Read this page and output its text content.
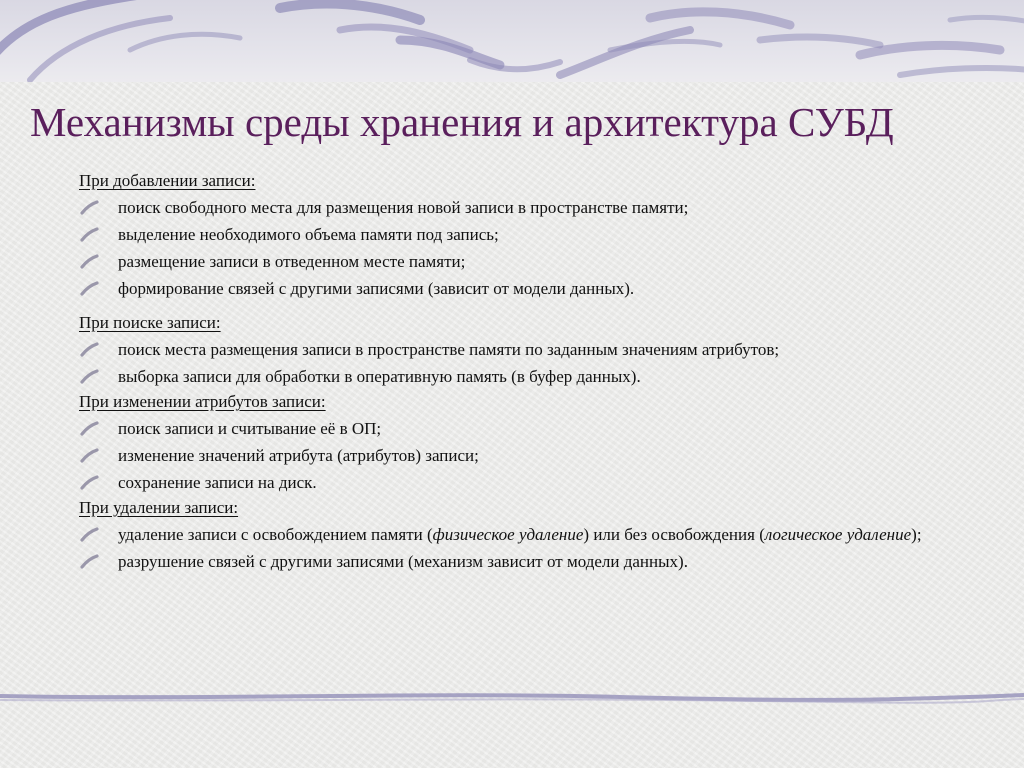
Механизмы среды хранения и архитектура СУБД
При добавлении записи:
поиск свободного места для размещения новой записи в пространстве памяти;
выделение необходимого объема памяти под запись;
размещение записи в отведенном месте памяти;
формирование связей с другими записями (зависит от модели данных).
При поиске записи:
поиск места размещения записи в пространстве памяти по заданным значениям атрибутов;
выборка записи для обработки в оперативную память (в буфер данных).
При изменении атрибутов записи:
поиск записи и считывание её в ОП;
изменение значений атрибута (атрибутов) записи;
сохранение записи на диск.
При удалении записи:
удаление записи с освобождением памяти (физическое удаление) или без освобождения (логическое удаление);
разрушение связей с другими записями (механизм зависит от модели данных).
